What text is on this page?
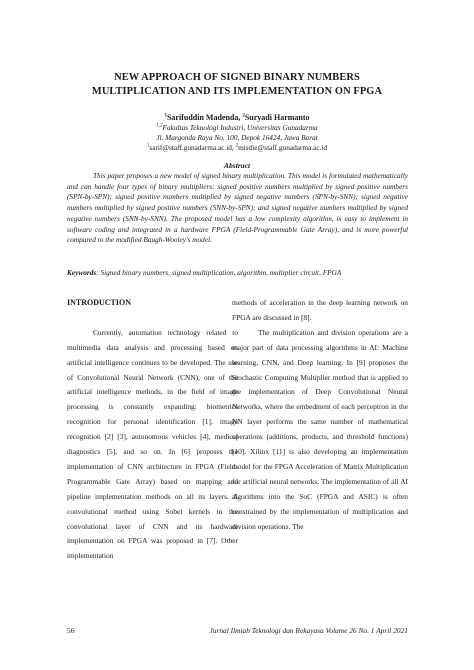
NEW APPROACH OF SIGNED BINARY NUMBERS
MULTIPLICATION AND ITS IMPLEMENTATION ON FPGA
$^1$Sarifuddin Madenda, $^2$Suryadi Harmanto
$^{1,2}$Fakultas Teknologi Industri, Universitas Gunadarma
Jl. Margonda Raya No. 100, Depok 16424, Jawa Barat
$^1$sarif@staff.gunadarma.ac.id, $^2$misdie@staff.gunadarma.ac.id
Abstract

This paper proposes a new model of signed binary multiplication. This model is formulated mathematically and can handle four types of binary multipliers: signed positive numbers multiplied by signed positive numbers (SPN-by-SPN); signed positive numbers multiplied by signed negative numbers (SPN-by-SNN); signed negative numbers multiplied by signed positive numbers (SNN-by-SPN); and signed negative numbers multiplied by signed negative numbers (SNN-by-SNN). The proposed model has a low complexity algorithm, is easy to implement in software coding and integrated in a hardware FPGA (Field-Programmable Gate Array), and is more powerful compared to the modified Baugh-Wooley's model.

Keywords: Signed binary numbers, signed multiplication, algorithm, multiplier circuit, FPGA

INTRODUCTION

Currently, automation technology related to multimedia data analysis and processing based on artificial intelligence continues to be developed. The use of Convolutional Neural Network (CNN), one of the artificial intelligence methods, in the field of image processing is constantly expanding: biometrics recognition for personal identification [1], image recognition [2] [3], autonomous vehicles [4], medical diagnostics [5], and so on. In [6] proposes the implementation of CNN architecture in FPGA (Field-Programmable Gate Array) based on mapping and pipeline implementation methods on all its layers. A convolutional method using Sobel kernels in the convolutional layer of CNN and its hardware implementation on FPGA was proposed in [7]. Other implementation

methods of acceleration in the deep learning network on FPGA are discussed in [8].

The multiplication and division operations are a major part of data processing algorithms in AI: Machine learning, CNN, and Deep learning. In [9] proposes the Stochastic Computing Multiplier method that is applied to the implementation of Deep Convolutional Neural Networks, where the embedment of each perceptron in the NN layer performs the same number of mathematical operations (additions, products, and threshold functions) [10]. Xilinx [11] is also developing an implementation model for the FPGA Acceleration of Matrix Multiplication for artificial neural networks. The implementation of all AI algorithms into the SoC (FPGA and ASIC) is often constrained by the implementation of multiplication and division operations. The

56	Jurnal Ilmiah Teknologi dan Rekayasa Volume 26 No. 1 April 2021
